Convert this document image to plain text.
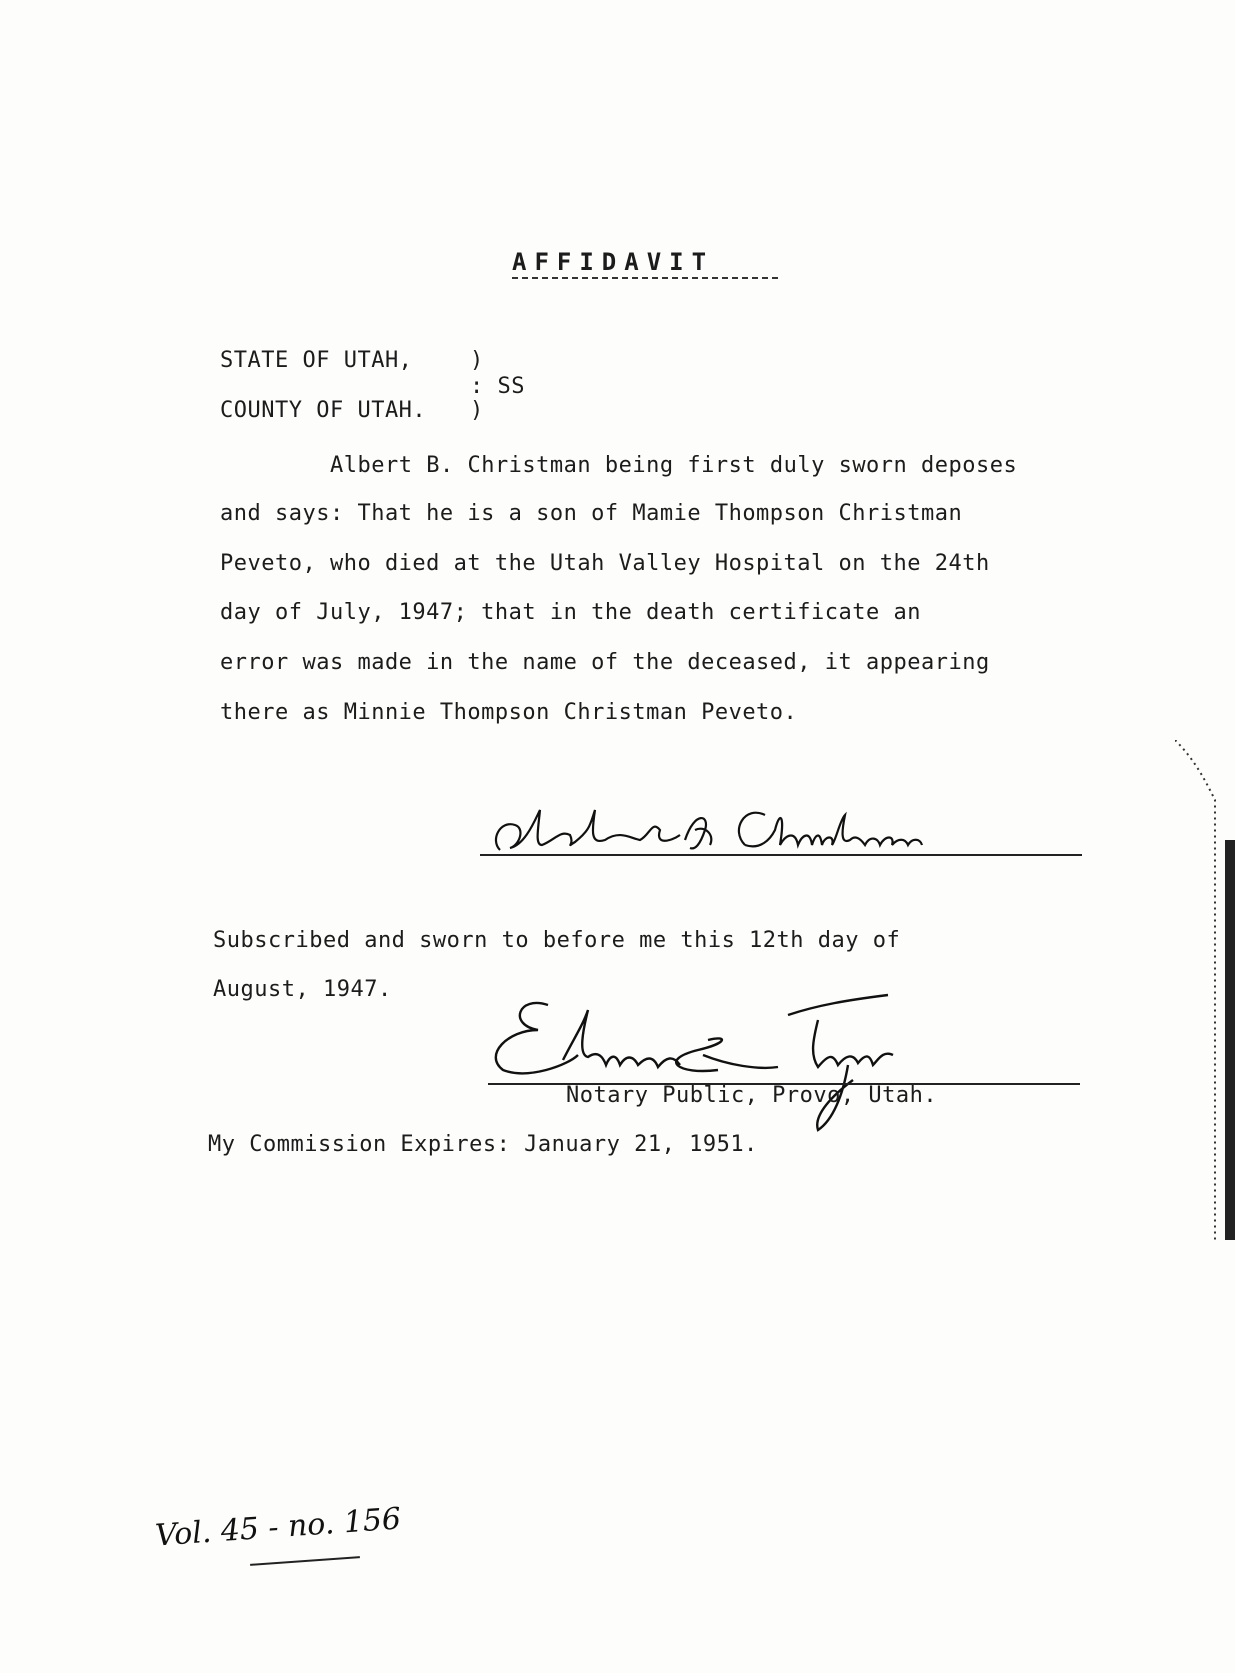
AFFIDAVIT
STATE OF UTAH,	)
: SS
COUNTY OF UTAH. )
Albert B. Christman being first duly sworn deposes
and says: That he is a son of Mamie Thompson Christman
Peveto, who died at the Utah Valley Hospital on the 24th
day of July, 1947; that in the death certificate an
error was made in the name of the deceased, it appearing
there as Minnie Thompson Christman Peveto.
Subscribed and sworn to before me this 12th day of
August, 1947.
Notary Public, Provo, Utah.
My Commission Expires: January 21, 1951.
Vol. 45 - no. 156
